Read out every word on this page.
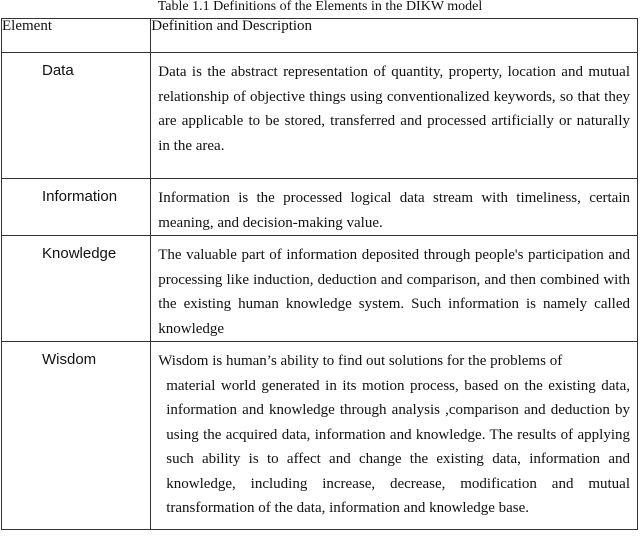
Table 1.1 Definitions of the Elements in the DIKW model
Element	Definition and Description
Data	Data is the abstract representation of quantity, property, location and mutual relationship of objective things using conventionalized keywords, so that they are applicable to be stored, transferred and processed artificially or naturally in the area.
Information	Information is the processed logical data stream with timeliness, certain meaning, and decision-making value.
Knowledge	The valuable part of information deposited through people's participation and processing like induction, deduction and comparison, and then combined with the existing human knowledge system. Such information is namely called knowledge
Wisdom	Wisdom is human’s ability to find out solutions for the problems of
material world generated in its motion process, based on the existing data, information and knowledge through analysis ,comparison and deduction by using the acquired data, information and knowledge. The results of applying such ability is to affect and change the existing data, information and knowledge, including increase, decrease, modification and mutual transformation of the data, information and knowledge base.
